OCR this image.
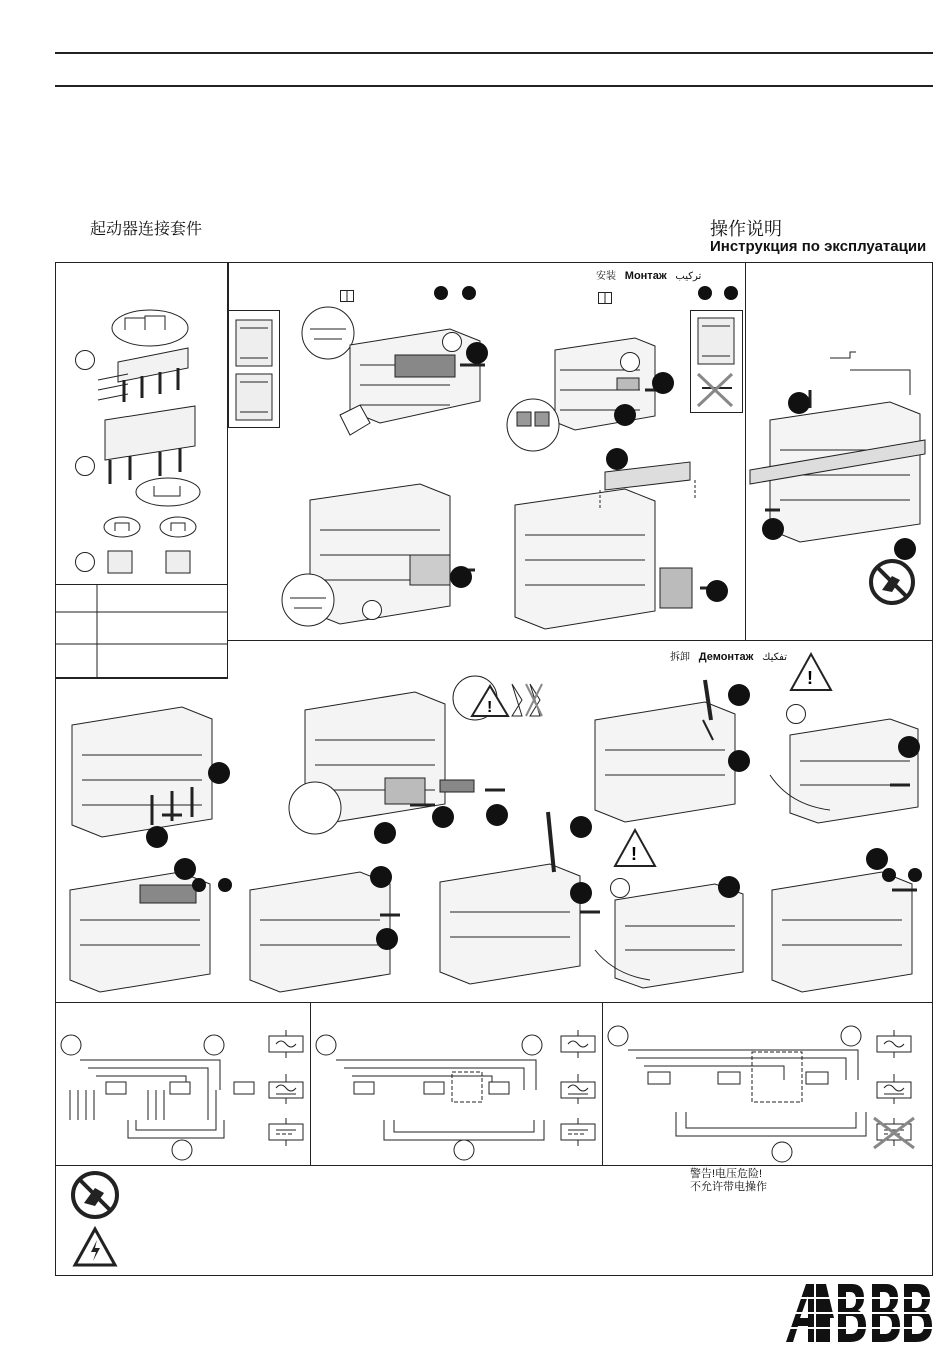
起动器连接套件	操作说明
Инструкция по эксплуатации
安装 Монтаж تركيب
拆卸 Демонтаж تفكيك
!
!
!
警告!电压危险!
不允许带电操作
